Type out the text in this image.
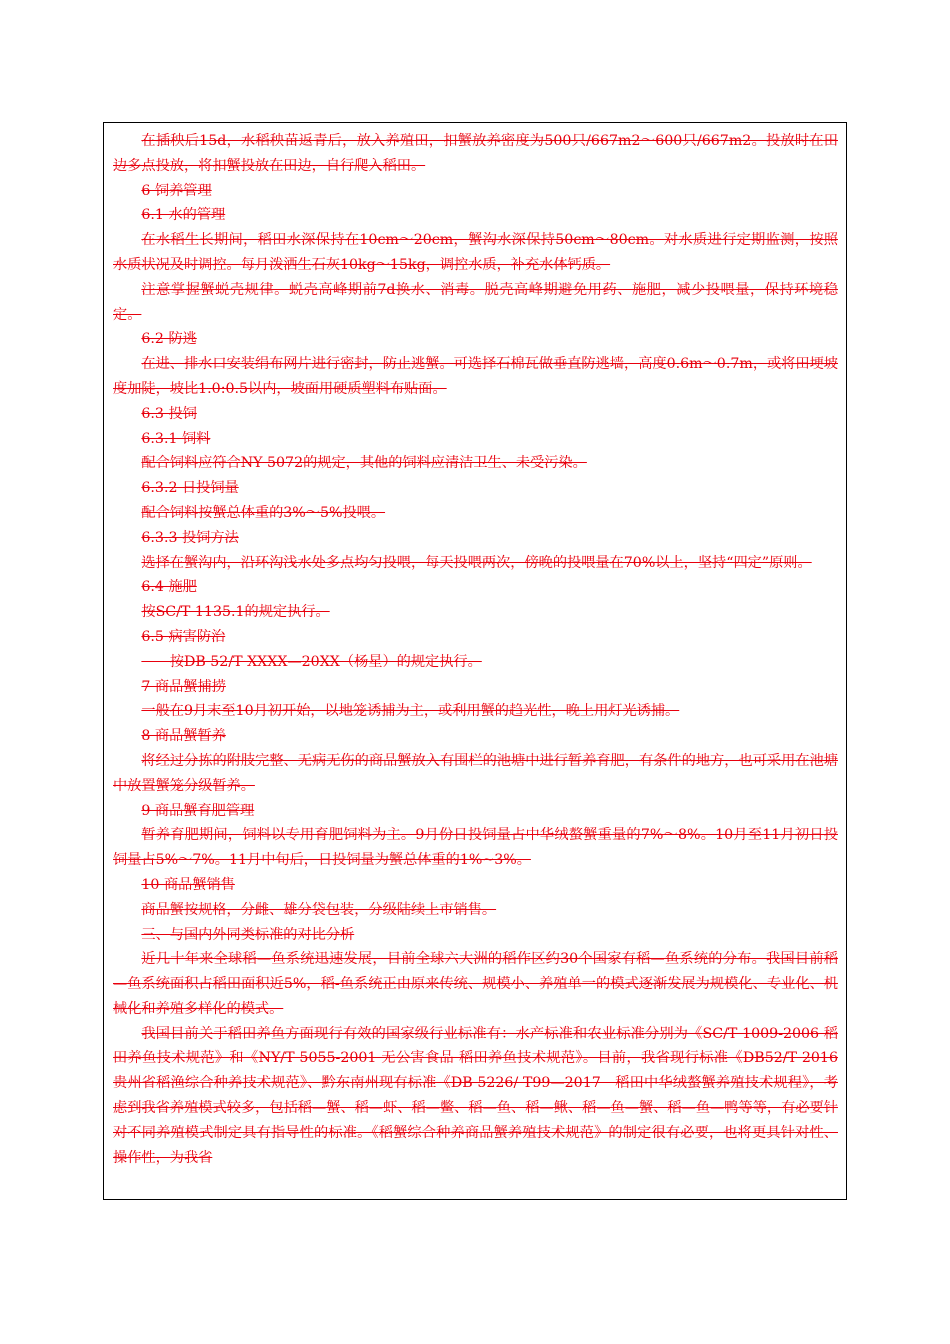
在插秧后15d，水稻秧苗返青后，放入养殖田，扣蟹放养密度为500只/667m2～600只/667m2。投放时在田边多点投放，将扣蟹投放在田边，自行爬入稻田。

6 饲养管理

6.1 水的管理

在水稻生长期间，稻田水深保持在10cm～20cm，蟹沟水深保持50cm～80cm。对水质进行定期监测，按照水质状况及时调控。每月泼洒生石灰10kg～15kg，调控水质，补充水体钙质。

注意掌握蟹蜕壳规律。蜕壳高峰期前7d换水、消毒。脱壳高峰期避免用药、施肥，减少投喂量，保持环境稳定。

6.2 防逃

在进、排水口安装绢布网片进行密封，防止逃蟹。可选择石棉瓦做垂直防逃墙，高度0.6m～0.7m，或将田埂坡度加陡，坡比1.0:0.5以内，坡面用硬质塑料布贴面。

6.3 投饲

6.3.1 饲料

配合饲料应符合NY 5072的规定，其他的饲料应清洁卫生、未受污染。

6.3.2 日投饲量

配合饲料按蟹总体重的3%～5%投喂。

6.3.3 投饲方法

选择在蟹沟内，沿环沟浅水处多点均匀投喂，每天投喂两次，傍晚的投喂量在70%以上，坚持“四定”原则。

6.4 施肥

按SC/T 1135.1的规定执行。

6.5 病害防治

　　按DB 52/T XXXX—20XX（杨星）的规定执行。

7 商品蟹捕捞

一般在9月末至10月初开始，以地笼诱捕为主，或利用蟹的趋光性，晚上用灯光诱捕。

8 商品蟹暂养

将经过分拣的附肢完整、无病无伤的商品蟹放入有围栏的池塘中进行暂养育肥，有条件的地方，也可采用在池塘中放置蟹笼分级暂养。

9 商品蟹育肥管理

暂养育肥期间，饲料以专用育肥饲料为主。9月份日投饲量占中华绒螯蟹重量的7%～8%。10月至11月初日投饲量占5%～7%。11月中旬后，日投饲量为蟹总体重的1%~3%。

10 商品蟹销售

商品蟹按规格，分雌、雄分袋包装，分级陆续上市销售。

三、与国内外同类标准的对比分析

近几十年来全球稻—鱼系统迅速发展，目前全球六大洲的稻作区约30个国家有稻—鱼系统的分布。我国目前稻—鱼系统面积占稻田面积近5%，稻-鱼系统正由原来传统、规模小、养殖单一的模式逐渐发展为规模化、专业化、机械化和养殖多样化的模式。

我国目前关于稻田养鱼方面现行有效的国家级行业标准有：水产标准和农业标准分别为《SC/T 1009-2006 稻田养鱼技术规范》和《NY/T 5055-2001 无公害食品 稻田养鱼技术规范》。目前，我省现行标准《DB52/T 2016 贵州省稻渔综合种养技术规范》、黔东南州现有标准《DB 5226/ T99—2017　稻田中华绒螯蟹养殖技术规程》，考虑到我省养殖模式较多，包括稻—蟹、稻—虾、稻—鳖、稻—鱼、稻—鳅、稻—鱼—蟹、稻—鱼—鸭等等，有必要针对不同养殖模式制定具有指导性的标准。《稻蟹综合种养商品蟹养殖技术规范》的制定很有必要，也将更具针对性、操作性，为我省
